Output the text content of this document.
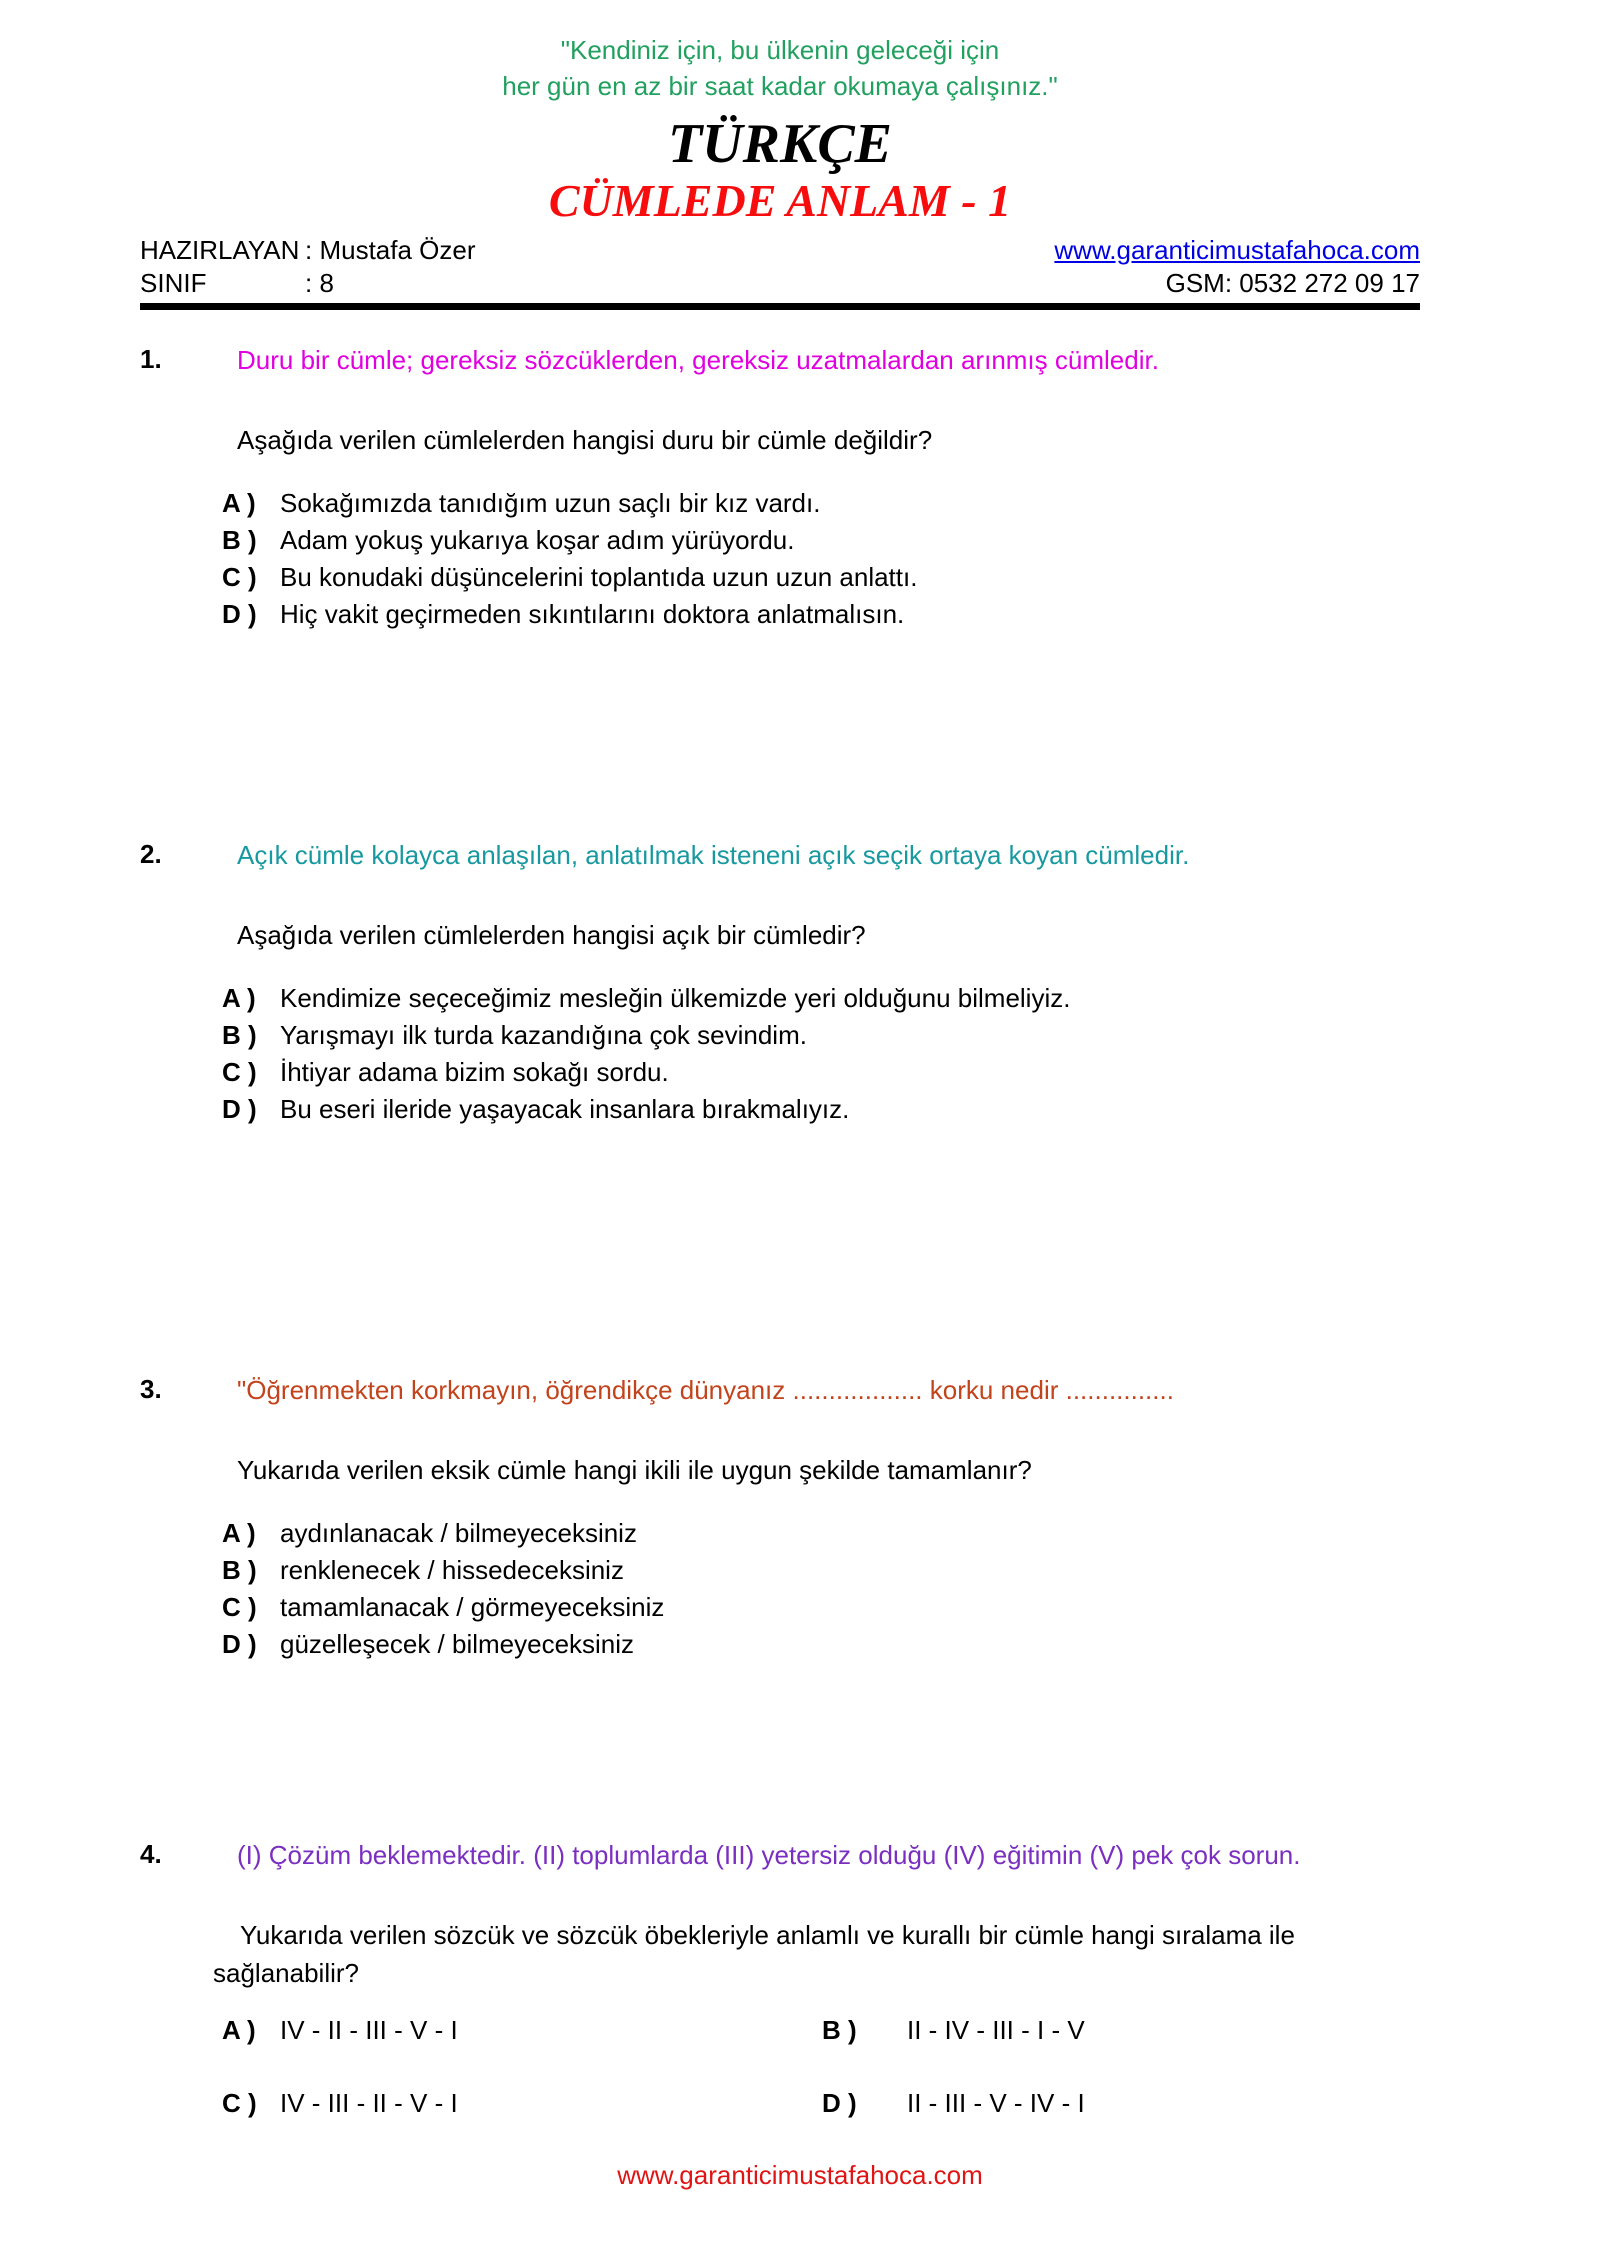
"Kendiniz için, bu ülkenin geleceği için
her gün en az bir saat kadar okumaya çalışınız."
TÜRKÇE
CÜMLEDE ANLAM - 1
HAZIRLAYAN : Mustafa Özer
SINIF	: 8
www.garanticimustafahoca.com
GSM: 0532 272 09 17
1.	Duru bir cümle; gereksiz sözcüklerden, gereksiz uzatmalardan arınmış cümledir.

Aşağıda verilen cümlelerden hangisi duru bir cümle değildir?

A ) Sokağımızda tanıdığım uzun saçlı bir kız vardı.
B ) Adam yokuş yukarıya koşar adım yürüyordu.
C ) Bu konudaki düşüncelerini toplantıda uzun uzun anlattı.
D ) Hiç vakit geçirmeden sıkıntılarını doktora anlatmalısın.
2.	Açık cümle kolayca anlaşılan, anlatılmak isteneni açık seçik ortaya koyan cümledir.

Aşağıda verilen cümlelerden hangisi açık bir cümledir?

A ) Kendimize seçeceğimiz mesleğin ülkemizde yeri olduğunu bilmeliyiz.
B ) Yarışmayı ilk turda kazandığına çok sevindim.
C ) İhtiyar adama bizim sokağı sordu.
D ) Bu eseri ileride yaşayacak insanlara bırakmalıyız.
3.	"Öğrenmekten korkmayın, öğrendikçe dünyanız .................. korku nedir ...............

Yukarıda verilen eksik cümle hangi ikili ile uygun şekilde tamamlanır?

A ) aydınlanacak / bilmeyeceksiniz
B ) renklenecek / hissedeceksiniz
C ) tamamlanacak / görmeyeceksiniz
D ) güzelleşecek / bilmeyeceksiniz
4.	(I) Çözüm beklemektedir. (II) toplumlarda (III) yetersiz olduğu (IV) eğitimin (V) pek çok sorun.

Yukarıda verilen sözcük ve sözcük öbekleriyle anlamlı ve kurallı bir cümle hangi sıralama ile sağlanabilir?

A ) IV - II - III - V - I	B )	II - IV - III - I - V
C ) IV - III - II - V - I	D )	II - III - V - IV - I
www.garanticimustafahoca.com
